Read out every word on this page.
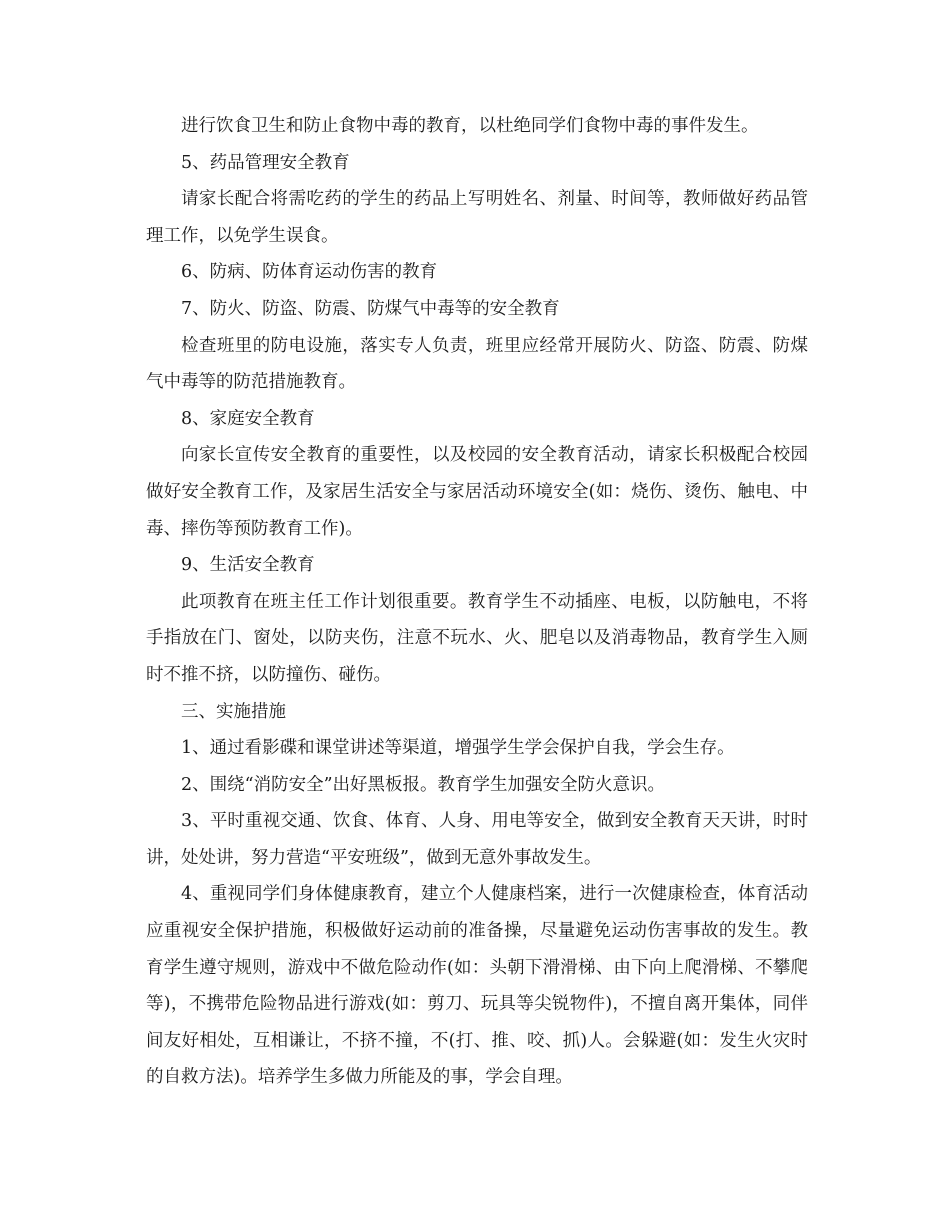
进行饮食卫生和防止食物中毒的教育，以杜绝同学们食物中毒的事件发生。

5、药品管理安全教育

请家长配合将需吃药的学生的药品上写明姓名、剂量、时间等，教师做好药品管理工作，以免学生误食。

6、防病、防体育运动伤害的教育

7、防火、防盗、防震、防煤气中毒等的安全教育

检查班里的防电设施，落实专人负责，班里应经常开展防火、防盗、防震、防煤气中毒等的防范措施教育。

8、家庭安全教育

向家长宣传安全教育的重要性，以及校园的安全教育活动，请家长积极配合校园做好安全教育工作，及家居生活安全与家居活动环境安全(如：烧伤、烫伤、触电、中毒、摔伤等预防教育工作)。

9、生活安全教育

此项教育在班主任工作计划很重要。教育学生不动插座、电板，以防触电，不将手指放在门、窗处，以防夹伤，注意不玩水、火、肥皂以及消毒物品，教育学生入厕时不推不挤，以防撞伤、碰伤。

三、实施措施

1、通过看影碟和课堂讲述等渠道，增强学生学会保护自我，学会生存。

2、围绕“消防安全”出好黑板报。教育学生加强安全防火意识。

3、平时重视交通、饮食、体育、人身、用电等安全，做到安全教育天天讲，时时讲，处处讲，努力营造“平安班级”，做到无意外事故发生。

4、重视同学们身体健康教育，建立个人健康档案，进行一次健康检查，体育活动应重视安全保护措施，积极做好运动前的准备操，尽量避免运动伤害事故的发生。教育学生遵守规则，游戏中不做危险动作(如：头朝下滑滑梯、由下向上爬滑梯、不攀爬等)，不携带危险物品进行游戏(如：剪刀、玩具等尖锐物件)，不擅自离开集体，同伴间友好相处，互相谦让，不挤不撞，不(打、推、咬、抓)人。会躲避(如：发生火灾时的自救方法)。培养学生多做力所能及的事，学会自理。
